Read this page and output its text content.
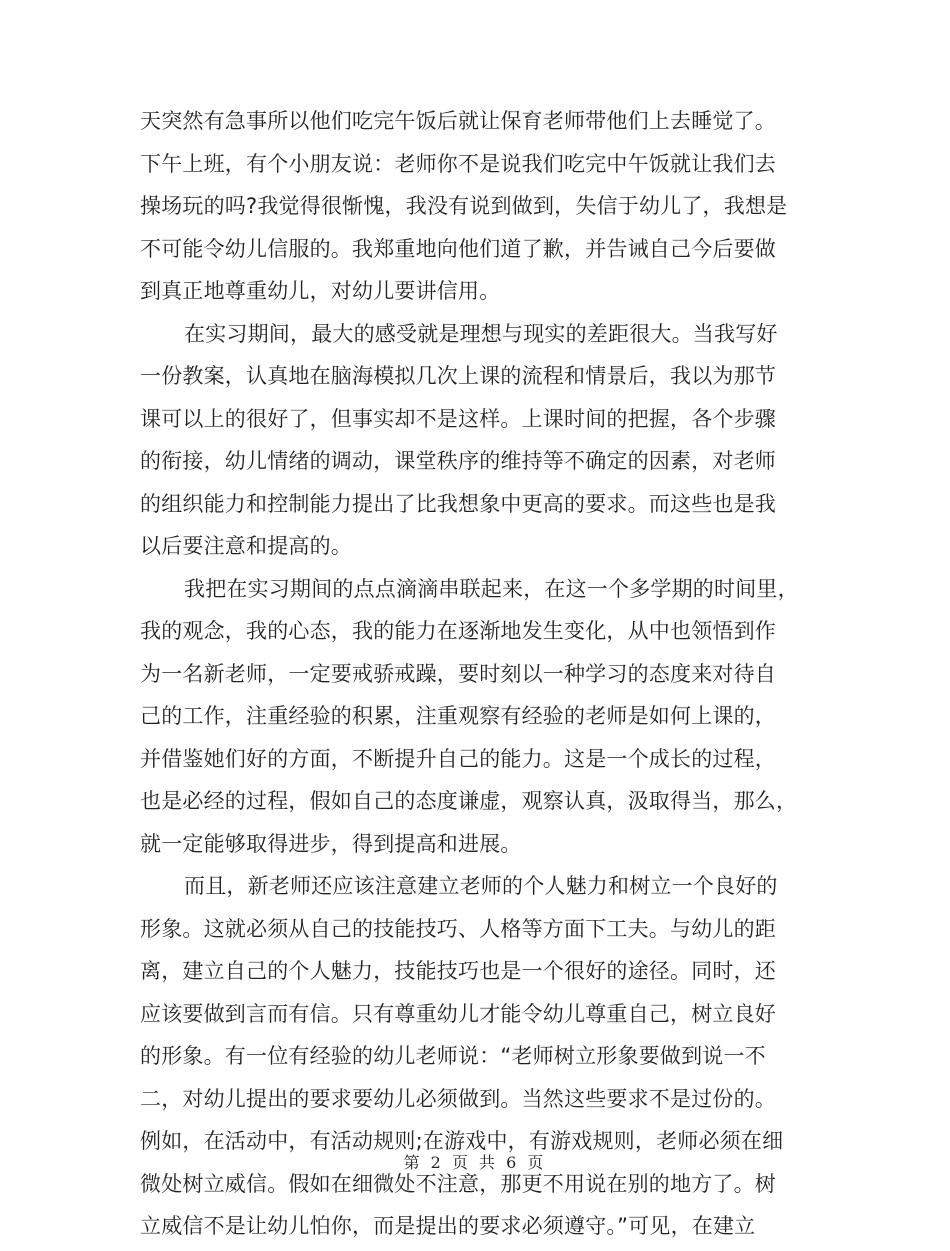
天突然有急事所以他们吃完午饭后就让保育老师带他们上去睡觉了。
下午上班，有个小朋友说：老师你不是说我们吃完中午饭就让我们去
操场玩的吗?我觉得很惭愧，我没有说到做到，失信于幼儿了，我想是
不可能令幼儿信服的。我郑重地向他们道了歉，并告诫自己今后要做
到真正地尊重幼儿，对幼儿要讲信用。
在实习期间，最大的感受就是理想与现实的差距很大。当我写好
一份教案，认真地在脑海模拟几次上课的流程和情景后，我以为那节
课可以上的很好了，但事实却不是这样。上课时间的把握，各个步骤
的衔接，幼儿情绪的调动，课堂秩序的维持等不确定的因素，对老师
的组织能力和控制能力提出了比我想象中更高的要求。而这些也是我
以后要注意和提高的。
我把在实习期间的点点滴滴串联起来，在这一个多学期的时间里，
我的观念，我的心态，我的能力在逐渐地发生变化，从中也领悟到作
为一名新老师，一定要戒骄戒躁，要时刻以一种学习的态度来对待自
己的工作，注重经验的积累，注重观察有经验的老师是如何上课的，
并借鉴她们好的方面，不断提升自己的能力。这是一个成长的过程，
也是必经的过程，假如自己的态度谦虚，观察认真，汲取得当，那么，
就一定能够取得进步，得到提高和进展。
而且，新老师还应该注意建立老师的个人魅力和树立一个良好的
形象。这就必须从自己的技能技巧、人格等方面下工夫。与幼儿的距
离，建立自己的个人魅力，技能技巧也是一个很好的途径。同时，还
应该要做到言而有信。只有尊重幼儿才能令幼儿尊重自己，树立良好
的形象。有一位有经验的幼儿老师说：“老师树立形象要做到说一不
二，对幼儿提出的要求要幼儿必须做到。当然这些要求不是过份的。
例如，在活动中，有活动规则;在游戏中，有游戏规则，老师必须在细
微处树立威信。假如在细微处不注意，那更不用说在别的地方了。树
立威信不是让幼儿怕你，而是提出的要求必须遵守。”可见，在建立
第 2 页 共 6 页
